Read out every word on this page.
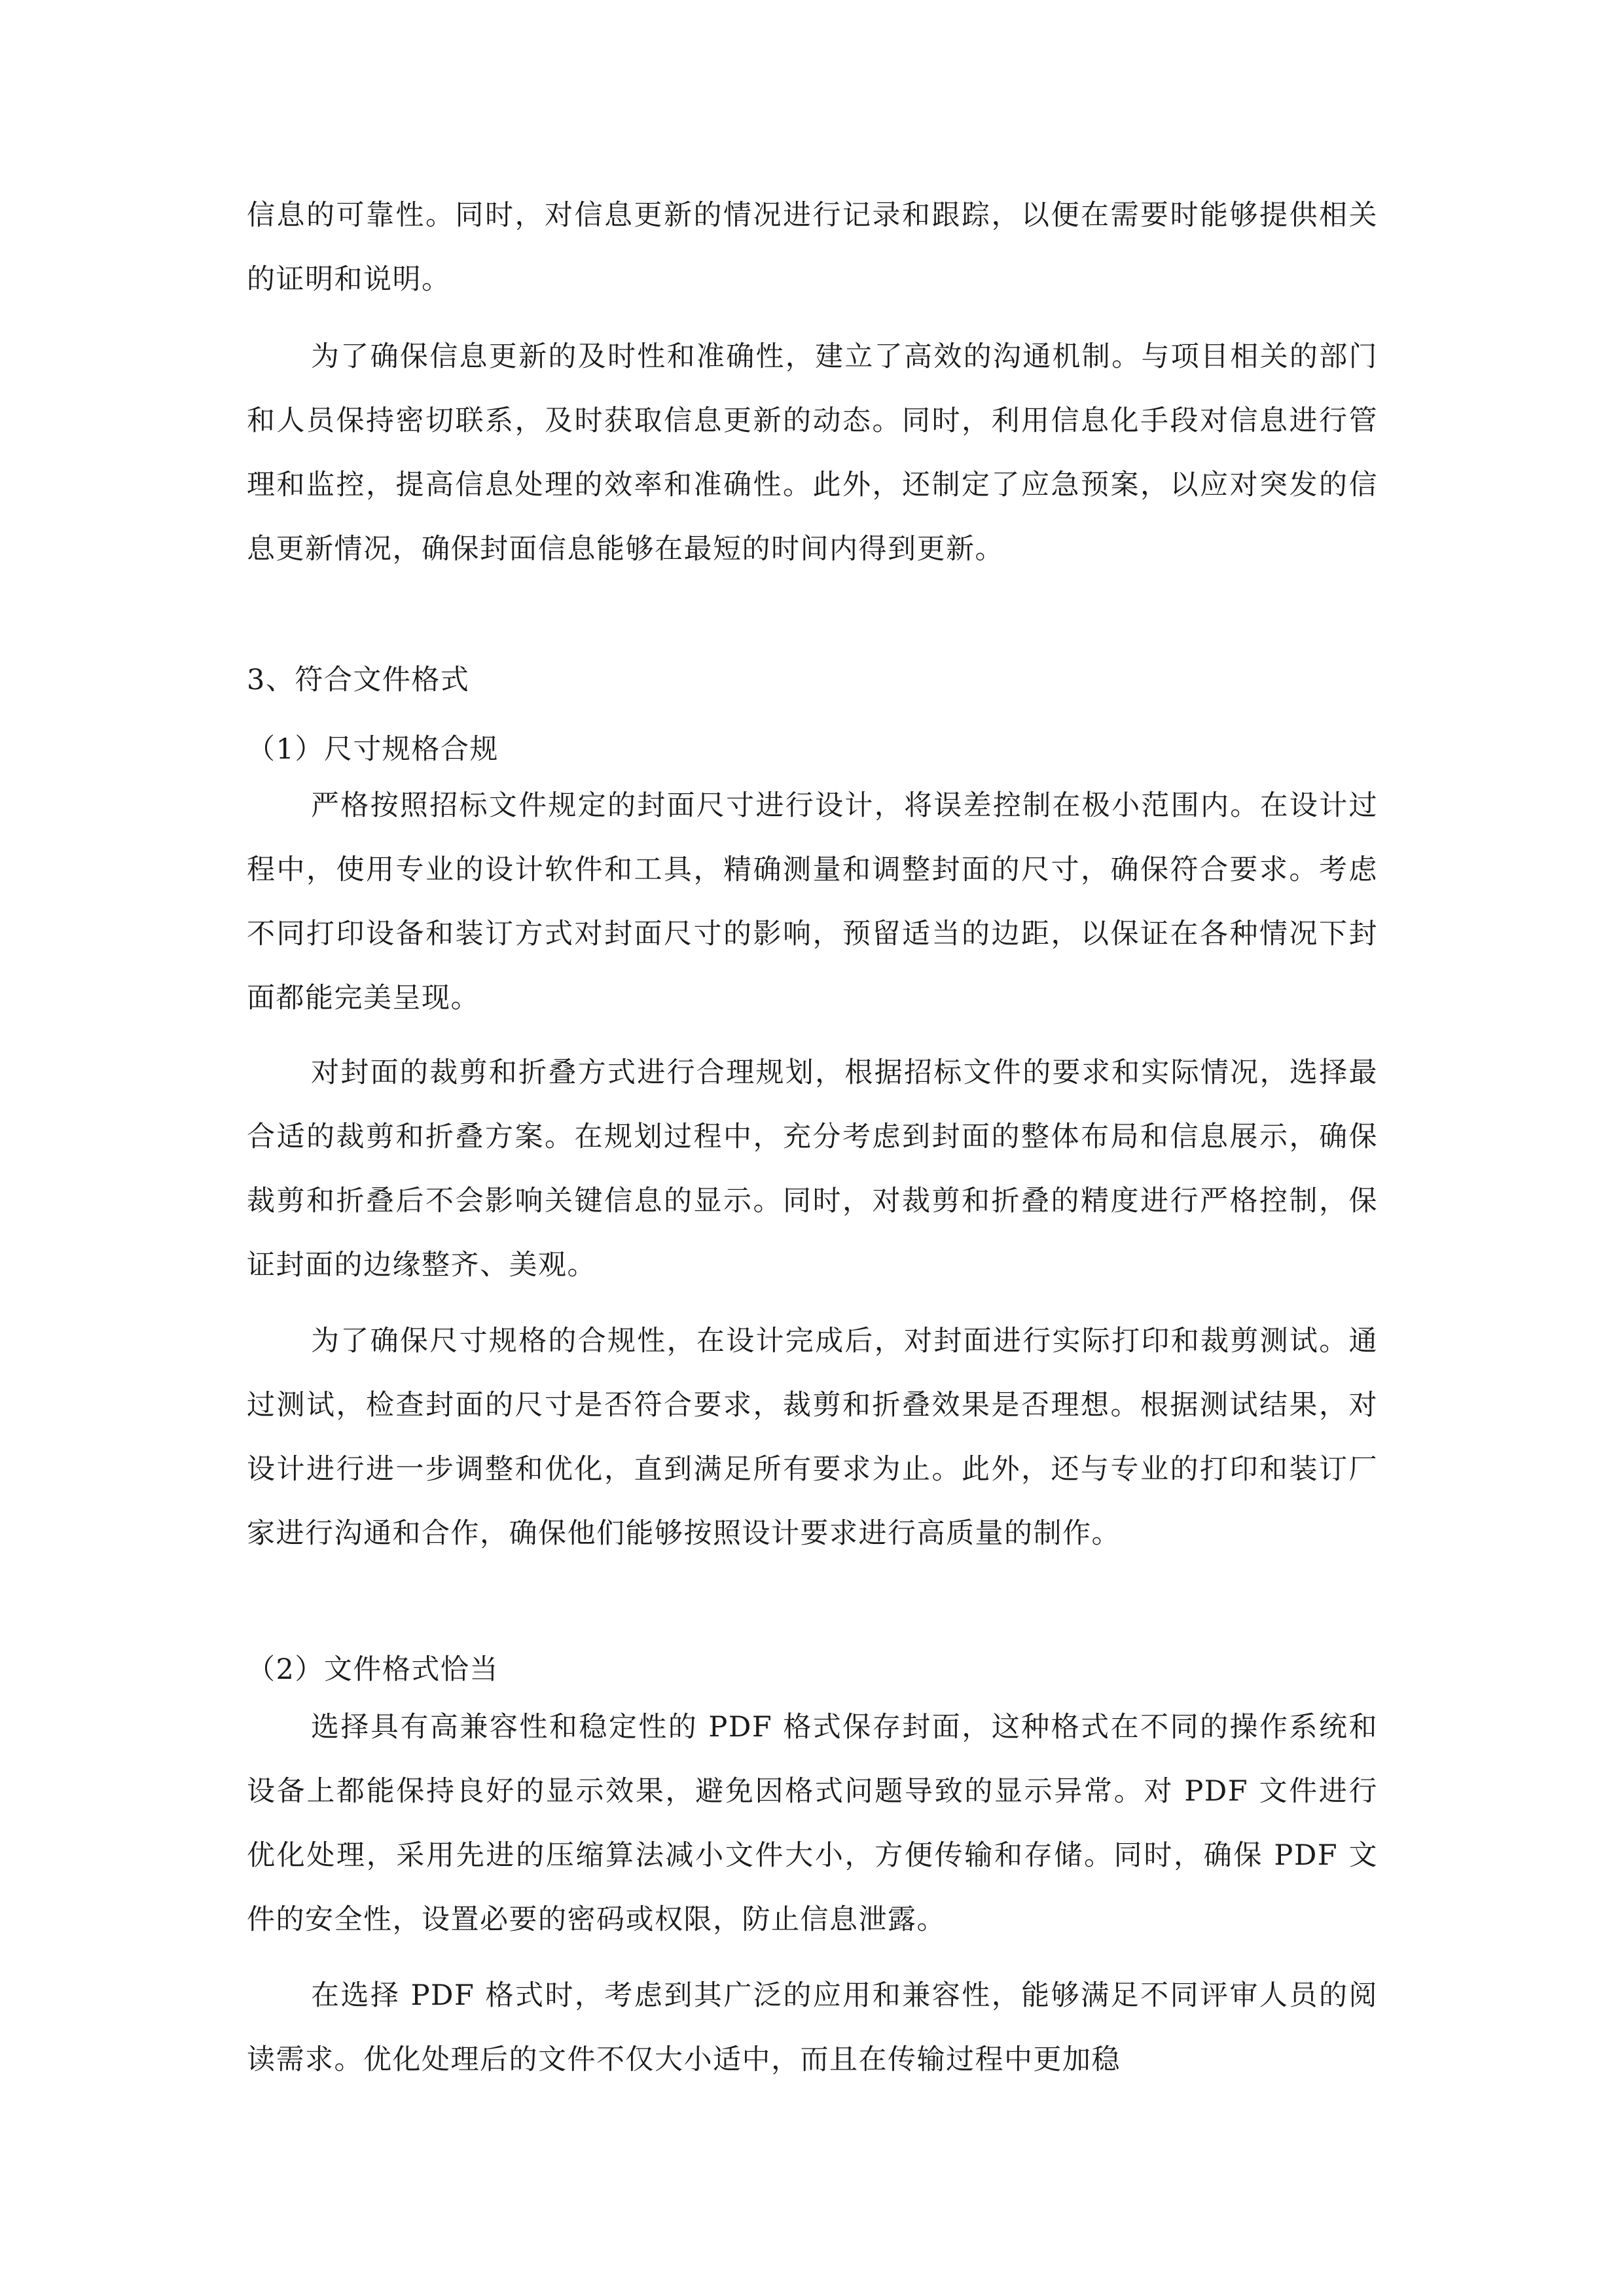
信息的可靠性。同时，对信息更新的情况进行记录和跟踪，以便在需要时能够提供相关的证明和说明。

为了确保信息更新的及时性和准确性，建立了高效的沟通机制。与项目相关的部门和人员保持密切联系，及时获取信息更新的动态。同时，利用信息化手段对信息进行管理和监控，提高信息处理的效率和准确性。此外，还制定了应急预案，以应对突发的信息更新情况，确保封面信息能够在最短的时间内得到更新。

3、符合文件格式
（1）尺寸规格合规

严格按照招标文件规定的封面尺寸进行设计，将误差控制在极小范围内。在设计过程中，使用专业的设计软件和工具，精确测量和调整封面的尺寸，确保符合要求。考虑不同打印设备和装订方式对封面尺寸的影响，预留适当的边距，以保证在各种情况下封面都能完美呈现。

对封面的裁剪和折叠方式进行合理规划，根据招标文件的要求和实际情况，选择最合适的裁剪和折叠方案。在规划过程中，充分考虑到封面的整体布局和信息展示，确保裁剪和折叠后不会影响关键信息的显示。同时，对裁剪和折叠的精度进行严格控制，保证封面的边缘整齐、美观。

为了确保尺寸规格的合规性，在设计完成后，对封面进行实际打印和裁剪测试。通过测试，检查封面的尺寸是否符合要求，裁剪和折叠效果是否理想。根据测试结果，对设计进行进一步调整和优化，直到满足所有要求为止。此外，还与专业的打印和装订厂家进行沟通和合作，确保他们能够按照设计要求进行高质量的制作。

（2）文件格式恰当

选择具有高兼容性和稳定性的 PDF 格式保存封面，这种格式在不同的操作系统和设备上都能保持良好的显示效果，避免因格式问题导致的显示异常。对 PDF 文件进行优化处理，采用先进的压缩算法减小文件大小，方便传输和存储。同时，确保 PDF 文件的安全性，设置必要的密码或权限，防止信息泄露。

在选择 PDF 格式时，考虑到其广泛的应用和兼容性，能够满足不同评审人员的阅读需求。优化处理后的文件不仅大小适中，而且在传输过程中更加稳
